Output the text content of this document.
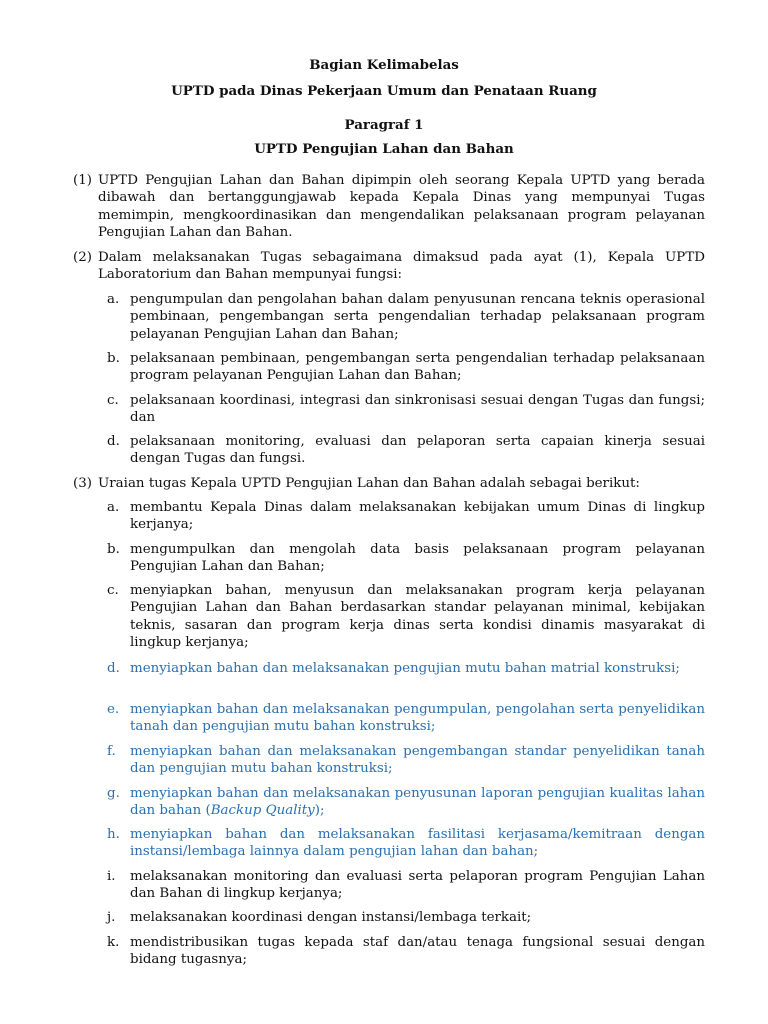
Bagian Kelimabelas
UPTD pada Dinas Pekerjaan Umum dan Penataan Ruang
Paragraf 1
UPTD Pengujian Lahan dan Bahan
(1) UPTD Pengujian Lahan dan Bahan dipimpin oleh seorang Kepala UPTD yang berada dibawah dan bertanggungjawab kepada Kepala Dinas yang mempunyai Tugas memimpin, mengkoordinasikan dan mengendalikan pelaksanaan program pelayanan Pengujian Lahan dan Bahan.
(2) Dalam melaksanakan Tugas sebagaimana dimaksud pada ayat (1), Kepala UPTD Laboratorium dan Bahan mempunyai fungsi:
a. pengumpulan dan pengolahan bahan dalam penyusunan rencana teknis operasional pembinaan, pengembangan serta pengendalian terhadap pelaksanaan program pelayanan Pengujian Lahan dan Bahan;
b. pelaksanaan pembinaan, pengembangan serta pengendalian terhadap pelaksanaan program pelayanan Pengujian Lahan dan Bahan;
c. pelaksanaan koordinasi, integrasi dan sinkronisasi sesuai dengan Tugas dan fungsi; dan
d. pelaksanaan monitoring, evaluasi dan pelaporan serta capaian kinerja sesuai dengan Tugas dan fungsi.
(3) Uraian tugas Kepala UPTD Pengujian Lahan dan Bahan adalah sebagai berikut:
a. membantu Kepala Dinas dalam melaksanakan kebijakan umum Dinas di lingkup kerjanya;
b. mengumpulkan dan mengolah data basis pelaksanaan program pelayanan Pengujian Lahan dan Bahan;
c. menyiapkan bahan, menyusun dan melaksanakan program kerja pelayanan Pengujian Lahan dan Bahan berdasarkan standar pelayanan minimal, kebijakan teknis, sasaran dan program kerja dinas serta kondisi dinamis masyarakat di lingkup kerjanya;
d. menyiapkan bahan dan melaksanakan pengujian mutu bahan matrial konstruksi;
e. menyiapkan bahan dan melaksanakan pengumpulan, pengolahan serta penyelidikan tanah dan pengujian mutu bahan konstruksi;
f.	menyiapkan bahan dan melaksanakan pengembangan standar penyelidikan tanah dan pengujian mutu bahan konstruksi;
g. menyiapkan bahan dan melaksanakan penyusunan laporan pengujian kualitas lahan dan bahan (Backup Quality);
h. menyiapkan bahan dan melaksanakan fasilitasi kerjasama/kemitraan dengan instansi/lembaga lainnya dalam pengujian lahan dan bahan;
i.	melaksanakan monitoring dan evaluasi serta pelaporan program Pengujian Lahan dan Bahan di lingkup kerjanya;
j.	melaksanakan koordinasi dengan instansi/lembaga terkait;
k. mendistribusikan tugas kepada staf dan/atau tenaga fungsional sesuai dengan bidang tugasnya;
